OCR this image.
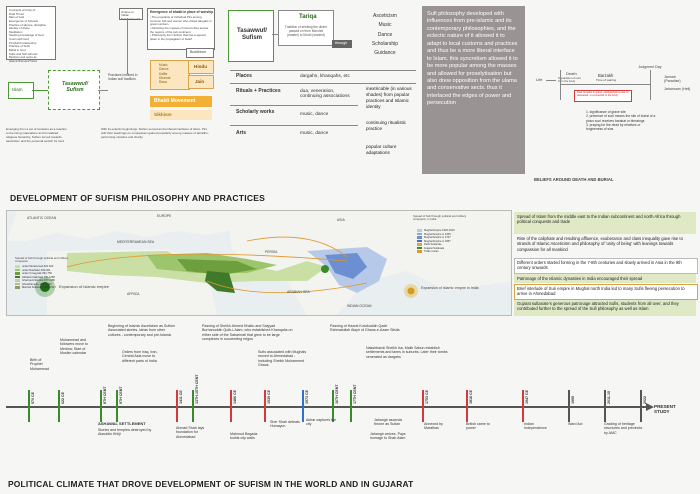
Concepts of Unity of:
Dual Thrust
Man of God
Emergence of Schools
Practice of silence, discipline
Identity of divine
Meditation
Seeking knowledge of God
Union with God
Pir-Murid relationship
Practice of Sufis
Belief in God
Sufis and Sufi schools
Muslims and sects as Islamic/Persian/Turkic
Unique to Indian Subcontinent?
Emergence of bhakti in place of worship
• The popularity of individual Pirs among common folk and women who visited dargahs in great numbers
• Attracting the masses of ruined cities across the regions of the sub-continent
• Philosophy from Sufism that has a special place in the propagation of belief
Islam
Tasawwuf/ Sufism
Practices imbibed in Indian sufi tradition
Buddhism
Music
Dance
Kafila
Dhamal
Rasa
Hindu
Jain
Bhakti Movement
Sikhism
Emerging from a set of societies as a reaction to the rising materialism and formalised religious hierarchy, Sufism turned towards asceticism and the personal search for God
With its eclectic beginnings, Sufism served as the liberal interfacer of Islam. Pirs with their teachings on compassion gained popularity among masses of all faiths; performing miracles and charity
Tasawwuf/ Sufism
Tariqa
Tradition of seeking the divine passed on from Murshid (master) to Murid (student)
through
Asceticism
Music
Dance
Scholarship
Guidance
Places	dargahs, khanqahs, etc
Rituals + Practices	dua, veneration, continuing associations
Scholarly works	music, dance
Arts	music, dance
inextricable (in various shades) from popular practices and Islamic identity
continuing ritualistic practice
popular culture adaptations
Sufi philosophy developed with influences from pre-islamic and its contemporary philosophies, and the eclectic nature of it allowed it to adapt to local customs and practices and thus be a more liberal interface to Islam. this syncretism allowed it to be more popular among the masses and allowed for proselytisation but also drew opposition from the ulama and conservative sects. thus it interlaced the edges of power and persecution
Life
Death
Separation of soul from the body
Barzakh
Time of waiting
Judgment Day
Jannah (Paradise)
Jahannam (Hell)
Soul remains in grave, spiritual being near of deceased, is connected to the body
1. significance of grave site
2. presence of soul means the site of burial of a pious soul receives barakat or blessings
3. praying for the dead by relatives or forgiveness of sins
BELIEFS AROUND DEATH AND BURIAL
DEVELOPMENT OF SUFISM PHILOSOPHY AND PRACTICES
ATLANTIC OCEAN	EUROPE
ASIA
AFRICA
MEDITERRANEAN SEA
ARABIAN SEA
INDIAN OCEAN
PERSIA
Expansion of Islamic empire	Expansion of Islamic empire in India
Spread of Sufi through political and military conquests
Spread of Sufi through political and military conquests, in India
under Muhammad 622-632
under Rashidun 632-661
under Umayyads 661-750
Abbasid Caliphate 750-1258
Ghaznavid Empire 977-1186
Ghurid Empire 1148-1215
Mamluk Sultanate 1250-1517
Mughal Empire 1526-1540
Mughal Empire in 1605
Mughal Empire in 1707
Mughal Empire in 1857
Delhi Sultanate
Gujarat Sultanate
Trade routes
Spread of Islam from the middle east to the Indian subcontinent and north Africa through political conquests and trade
Rise of the caliphate and resulting affluence, exuberance and class inequality gave rise to strands of Islamic Asceticism and philosophy of 'unity of being' with leanings towards compassion for all mankind
Different orders started forming in the 7-8th centuries and slowly arrived in Asia in the 9th century onwards
Patronage of the Islamic dynasties in India encouraged their spread
Brief interlude of Suri empire in Mughal north India led to many Sufis fleeing persecution to arrive in Ahmedabad
Gujarat sultanate's generous patronage attracted Sufis, students from all over, and they contributed further to the spread of the Sufi philosophy as well as Islam
Birth of Prophet Muhammad
Muhammad and followers move to Medina; Start of Muslim calendar
Beginning of Islamic Asceticism as Sufism Associated stories, ideas from other cultures - contemporary and pre-Islamic
Orders from Iraq, Iran, Central Asia move to different parts of India
Passing of Sheikh Ahmed Khattu and Saiyyad Burhanuddin Qutb-i-Alam, who established Khanqahs on either side of the Sabarmati that grew to be large complexes in succeeding reigns
Sufis associated with Mughals moved to Ahmedabad - including Sheikh Muhammed Ghaus
Passing of Hazrat Kutubuddin Qadri Rahmatullah Alayh of Ghaus-e-Azam Silsila
Nakshbandi Sheikh Isa, Malik Sabun establish settlements and lanes in suburbs. Later their tombs venerated as dargahs
PRESENT STUDY
570 CE	622 CE	8TH CENT	9TH CENT	1411 CE	13TH-15TH CENT	1486 CE	1539 CE	1573 CE	16TH CENT	17TH CENT	1753 CE	1818 CE	1947 CE	1995	2011-15	2022
ASHAWAL SETTLEMENT
Stories and temples destroyed by Alauddin Khilji
Ahmad Shah lays foundation for Ahmedabad
Mahmud Begada builds city walls
Sher Shah defeats Humayun
Akbar captures the city
Jahangir ascends throne as Sultan
Jahangir arrives. Pays homage to Shah Alam
Annexed by Marathas
British came to power
Indian Independence
Ward Act	Grading of heritage structures and precincts by AMC
POLITICAL CLIMATE THAT DROVE DEVELOPMENT OF SUFISM IN THE WORLD AND IN GUJARAT
